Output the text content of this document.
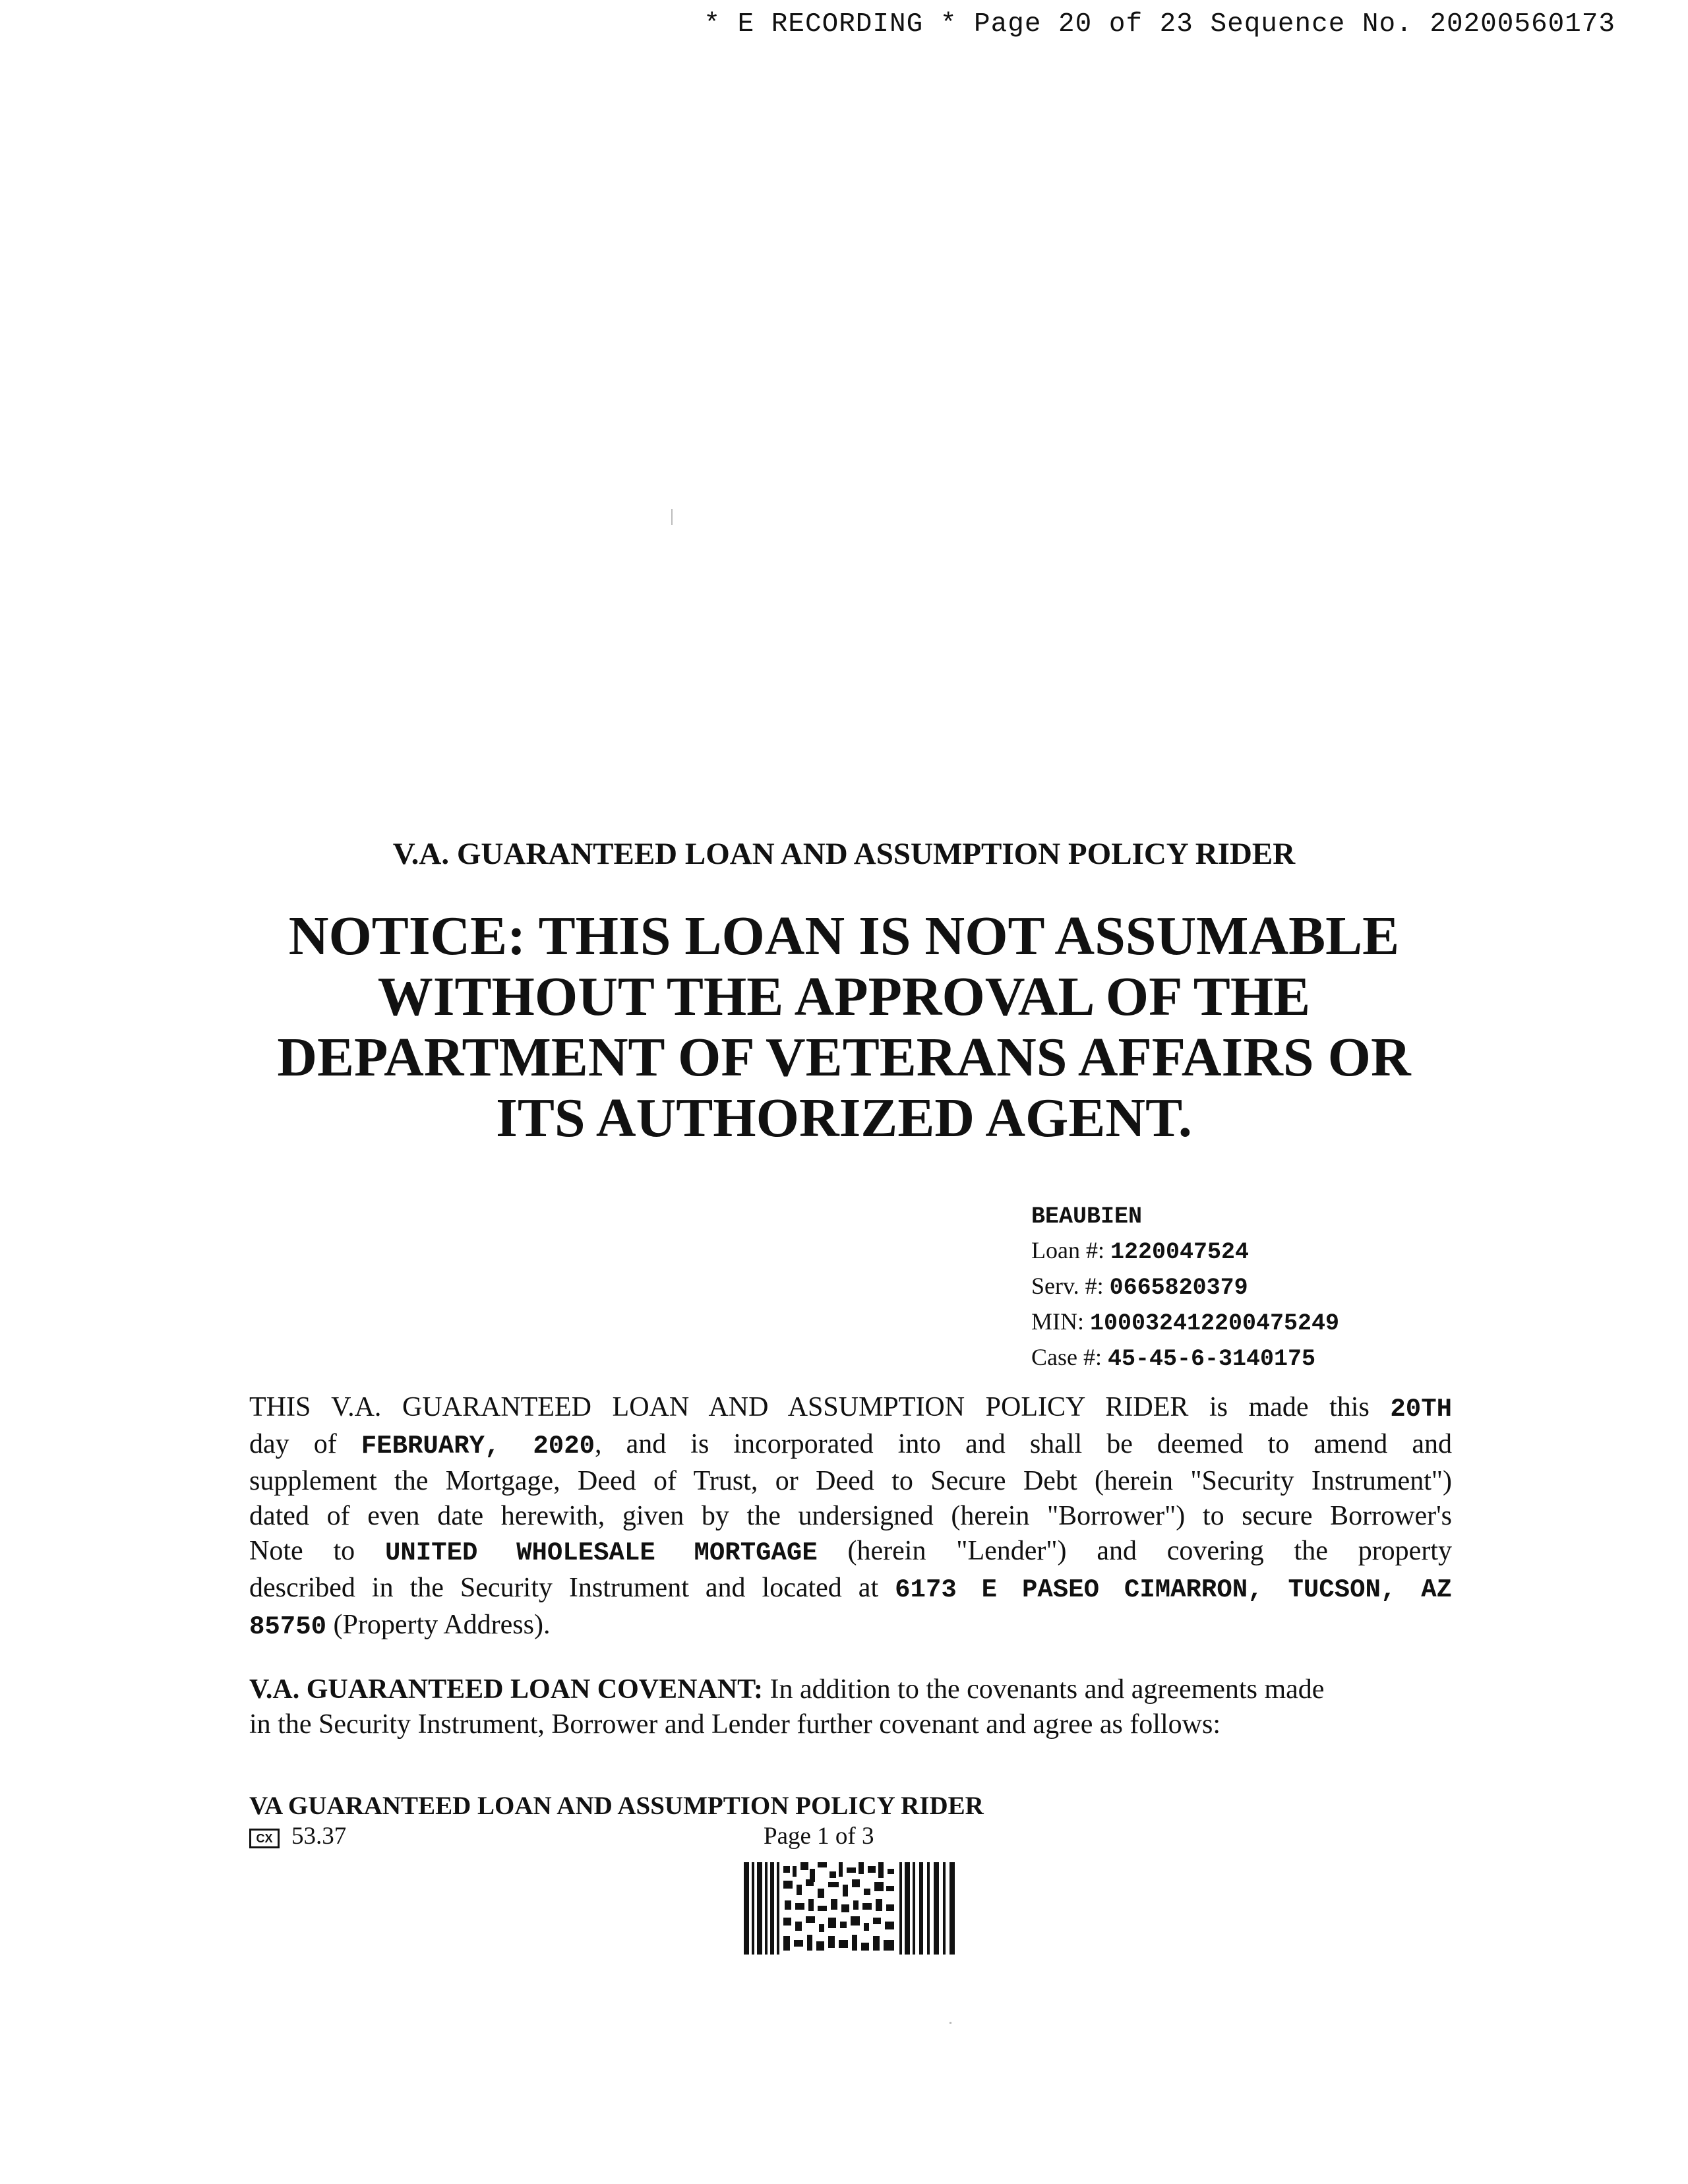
* E RECORDING * Page 20 of 23 Sequence No. 20200560173
V.A. GUARANTEED LOAN AND ASSUMPTION POLICY RIDER
NOTICE: THIS LOAN IS NOT ASSUMABLE
WITHOUT THE APPROVAL OF THE
DEPARTMENT OF VETERANS AFFAIRS OR
ITS AUTHORIZED AGENT.
BEAUBIEN
Loan #: 1220047524
Serv. #: 0665820379
MIN: 100032412200475249
Case #: 45-45-6-3140175
THIS V.A. GUARANTEED LOAN AND ASSUMPTION POLICY RIDER is made this 20TH
day of FEBRUARY, 2020, and is incorporated into and shall be deemed to amend and
supplement the Mortgage, Deed of Trust, or Deed to Secure Debt (herein "Security Instrument")
dated of even date herewith, given by the undersigned (herein "Borrower") to secure Borrower's
Note to UNITED WHOLESALE MORTGAGE (herein "Lender") and covering the property
described in the Security Instrument and located at 6173 E PASEO CIMARRON, TUCSON, AZ
85750 (Property Address).
V.A. GUARANTEED LOAN COVENANT: In addition to the covenants and agreements made
in the Security Instrument, Borrower and Lender further covenant and agree as follows:
VA GUARANTEED LOAN AND ASSUMPTION POLICY RIDER
CX 53.37	Page 1 of 3
